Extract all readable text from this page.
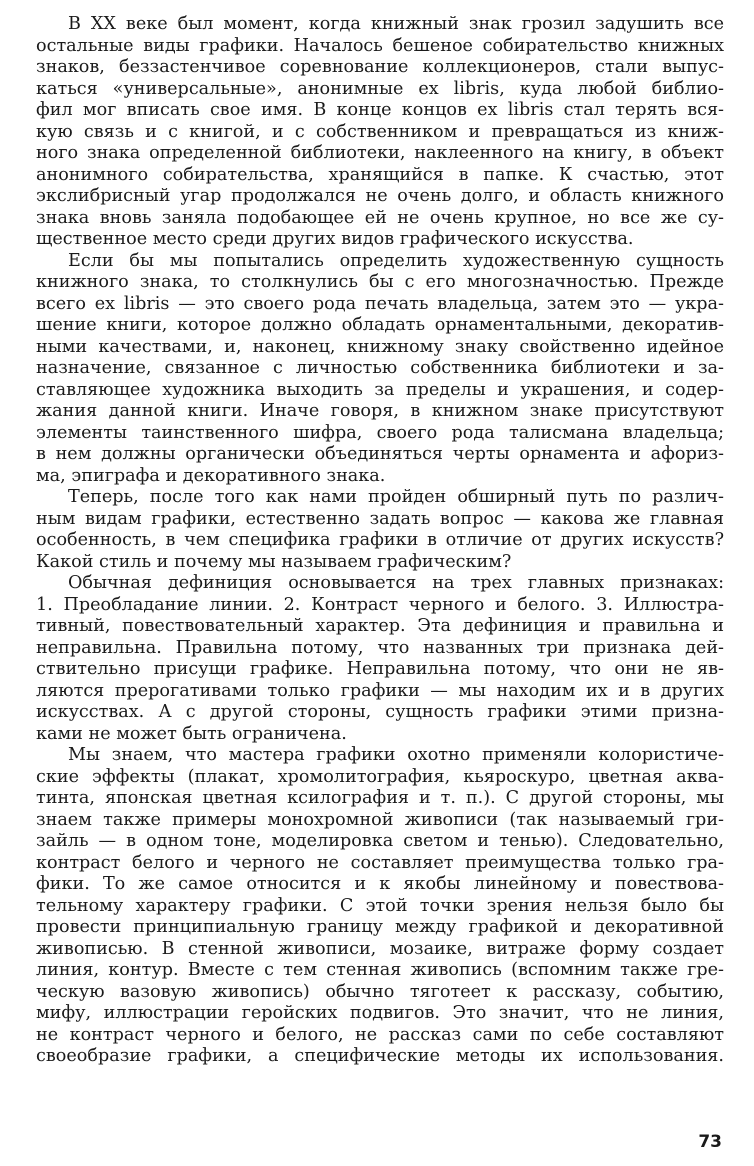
В XX веке был момент, когда книжный знак грозил задушить все
остальные виды графики. Началось бешеное собирательство книжных
знаков, беззастенчивое соревнование коллекционеров, стали выпус-
каться «универсальные», анонимные ex libris, куда любой библио-
фил мог вписать свое имя. В конце концов ex libris стал терять вся-
кую связь и с книгой, и с собственником и превращаться из книж-
ного знака определенной библиотеки, наклеенного на книгу, в объект
анонимного собирательства, хранящийся в папке. К счастью, этот
экслибрисный угар продолжался не очень долго, и область книжного
знака вновь заняла подобающее ей не очень крупное, но все же су-
щественное место среди других видов графического искусства.
Если бы мы попытались определить художественную сущность
книжного знака, то столкнулись бы с его многозначностью. Прежде
всего ex libris — это своего рода печать владельца, затем это — укра-
шение книги, которое должно обладать орнаментальными, декоратив-
ными качествами, и, наконец, книжному знаку свойственно идейное
назначение, связанное с личностью собственника библиотеки и за-
ставляющее художника выходить за пределы и украшения, и содер-
жания данной книги. Иначе говоря, в книжном знаке присутствуют
элементы таинственного шифра, своего рода талисмана владельца;
в нем должны органически объединяться черты орнамента и афориз-
ма, эпиграфа и декоративного знака.
Теперь, после того как нами пройден обширный путь по различ-
ным видам графики, естественно задать вопрос — какова же главная
особенность, в чем специфика графики в отличие от других искусств?
Какой стиль и почему мы называем графическим?
Обычная дефиниция основывается на трех главных признаках:
1. Преобладание линии. 2. Контраст черного и белого. 3. Иллюстра-
тивный, повествовательный характер. Эта дефиниция и правильна и
неправильна. Правильна потому, что названных три признака дей-
ствительно присущи графике. Неправильна потому, что они не яв-
ляются прерогативами только графики — мы находим их и в других
искусствах. А с другой стороны, сущность графики этими призна-
ками не может быть ограничена.
Мы знаем, что мастера графики охотно применяли колористиче-
ские эффекты (плакат, хромолитография, кьяроскуро, цветная аква-
тинта, японская цветная ксилография и т. п.). С другой стороны, мы
знаем также примеры монохромной живописи (так называемый гри-
зайль — в одном тоне, моделировка светом и тенью). Следовательно,
контраст белого и черного не составляет преимущества только гра-
фики. То же самое относится и к якобы линейному и повествова-
тельному характеру графики. С этой точки зрения нельзя было бы
провести принципиальную границу между графикой и декоративной
живописью. В стенной живописи, мозаике, витраже форму создает
линия, контур. Вместе с тем стенная живопись (вспомним также гре-
ческую вазовую живопись) обычно тяготеет к рассказу, событию,
мифу, иллюстрации геройских подвигов. Это значит, что не линия,
не контраст черного и белого, не рассказ сами по себе составляют
своеобразие графики, а специфические методы их использования.
73
